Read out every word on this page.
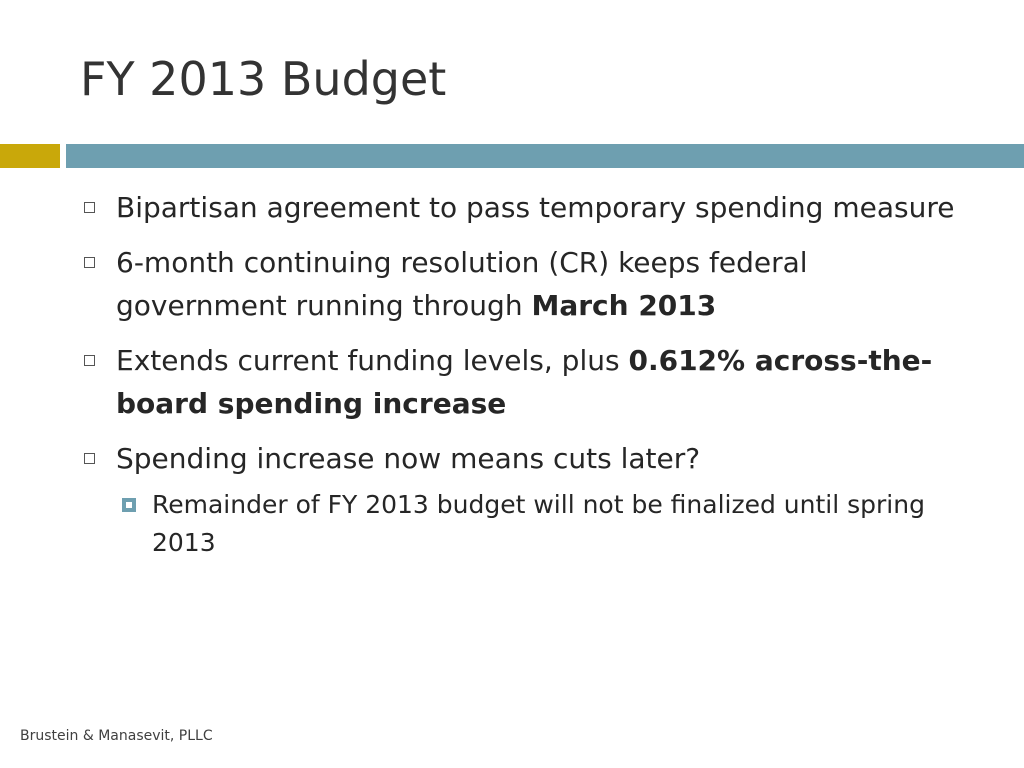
FY 2013 Budget
Bipartisan agreement to pass temporary spending measure
6-month continuing resolution (CR) keeps federal government running through March 2013
Extends current funding levels, plus 0.612% across-the-board spending increase
Spending increase now means cuts later?
Remainder of FY 2013 budget will not be finalized until spring 2013
Brustein & Manasevit, PLLC
